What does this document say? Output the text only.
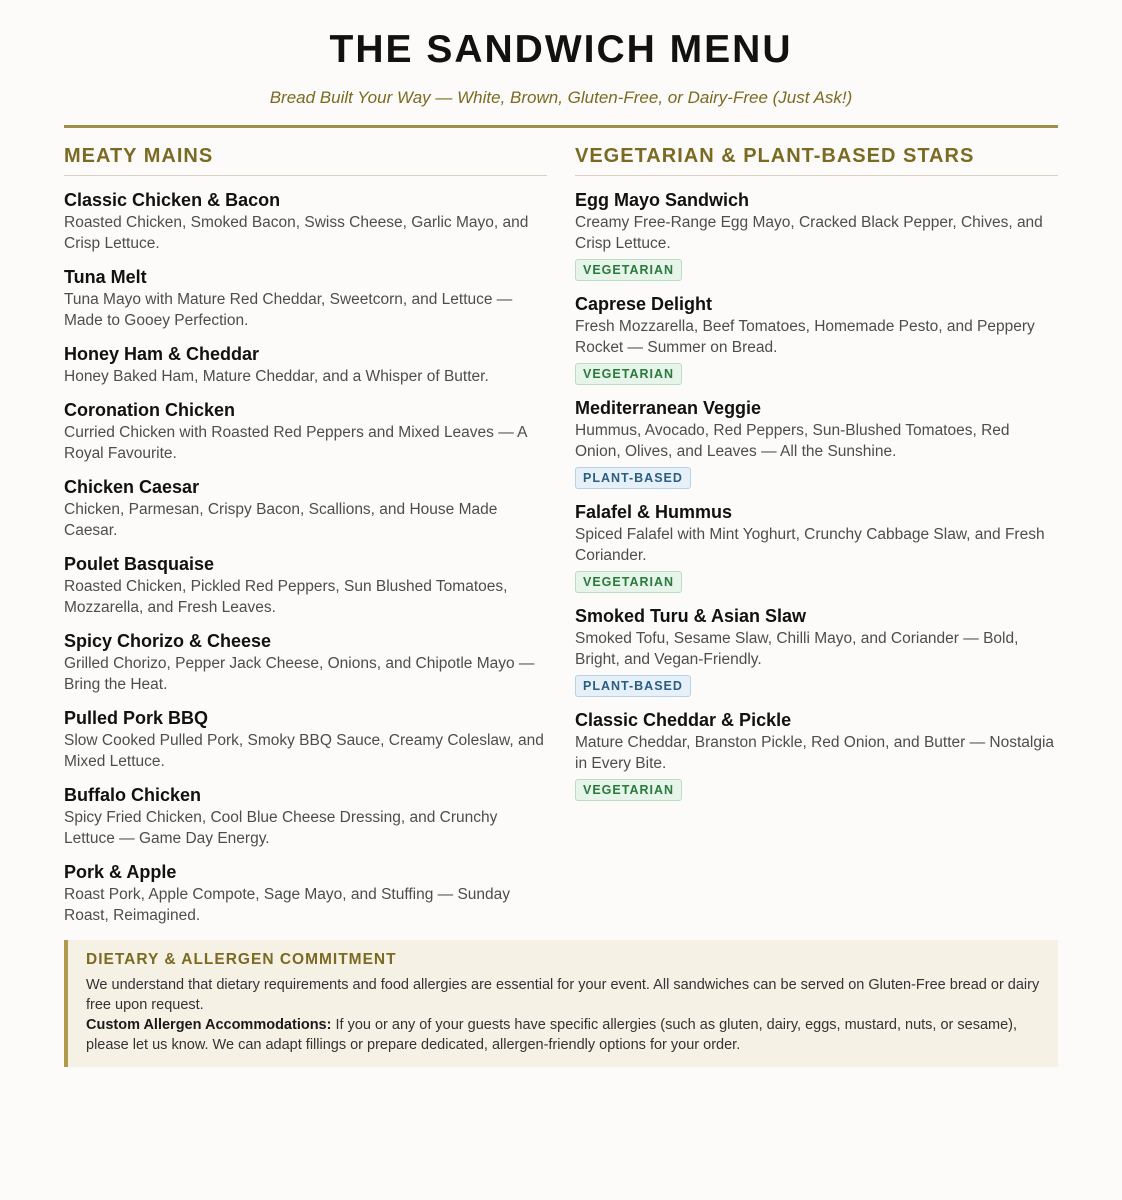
THE SANDWICH MENU
Bread Built Your Way — White, Brown, Gluten-Free, or Dairy-Free (Just Ask!)
MEATY MAINS
Classic Chicken & Bacon
Roasted Chicken, Smoked Bacon, Swiss Cheese, Garlic Mayo, and Crisp Lettuce.
Tuna Melt
Tuna Mayo with Mature Red Cheddar, Sweetcorn, and Lettuce — Made to Gooey Perfection.
Honey Ham & Cheddar
Honey Baked Ham, Mature Cheddar, and a Whisper of Butter.
Coronation Chicken
Curried Chicken with Roasted Red Peppers and Mixed Leaves — A Royal Favourite.
Chicken Caesar
Chicken, Parmesan, Crispy Bacon, Scallions, and House Made Caesar.
Poulet Basquaise
Roasted Chicken, Pickled Red Peppers, Sun Blushed Tomatoes, Mozzarella, and Fresh Leaves.
Spicy Chorizo & Cheese
Grilled Chorizo, Pepper Jack Cheese, Onions, and Chipotle Mayo — Bring the Heat.
Pulled Pork BBQ
Slow Cooked Pulled Pork, Smoky BBQ Sauce, Creamy Coleslaw, and Mixed Lettuce.
Buffalo Chicken
Spicy Fried Chicken, Cool Blue Cheese Dressing, and Crunchy Lettuce — Game Day Energy.
Pork & Apple
Roast Pork, Apple Compote, Sage Mayo, and Stuffing — Sunday Roast, Reimagined.
VEGETARIAN & PLANT-BASED STARS
Egg Mayo Sandwich
Creamy Free-Range Egg Mayo, Cracked Black Pepper, Chives, and Crisp Lettuce.
VEGETARIAN
Caprese Delight
Fresh Mozzarella, Beef Tomatoes, Homemade Pesto, and Peppery Rocket — Summer on Bread.
VEGETARIAN
Mediterranean Veggie
Hummus, Avocado, Red Peppers, Sun-Blushed Tomatoes, Red Onion, Olives, and Leaves — All the Sunshine.
PLANT-BASED
Falafel & Hummus
Spiced Falafel with Mint Yoghurt, Crunchy Cabbage Slaw, and Fresh Coriander.
VEGETARIAN
Smoked Turu & Asian Slaw
Smoked Tofu, Sesame Slaw, Chilli Mayo, and Coriander — Bold, Bright, and Vegan-Friendly.
PLANT-BASED
Classic Cheddar & Pickle
Mature Cheddar, Branston Pickle, Red Onion, and Butter — Nostalgia in Every Bite.
VEGETARIAN
DIETARY & ALLERGEN COMMITMENT
We understand that dietary requirements and food allergies are essential for your event. All sandwiches can be served on Gluten-Free bread or dairy free upon request.
Custom Allergen Accommodations: If you or any of your guests have specific allergies (such as gluten, dairy, eggs, mustard, nuts, or sesame), please let us know. We can adapt fillings or prepare dedicated, allergen-friendly options for your order.
